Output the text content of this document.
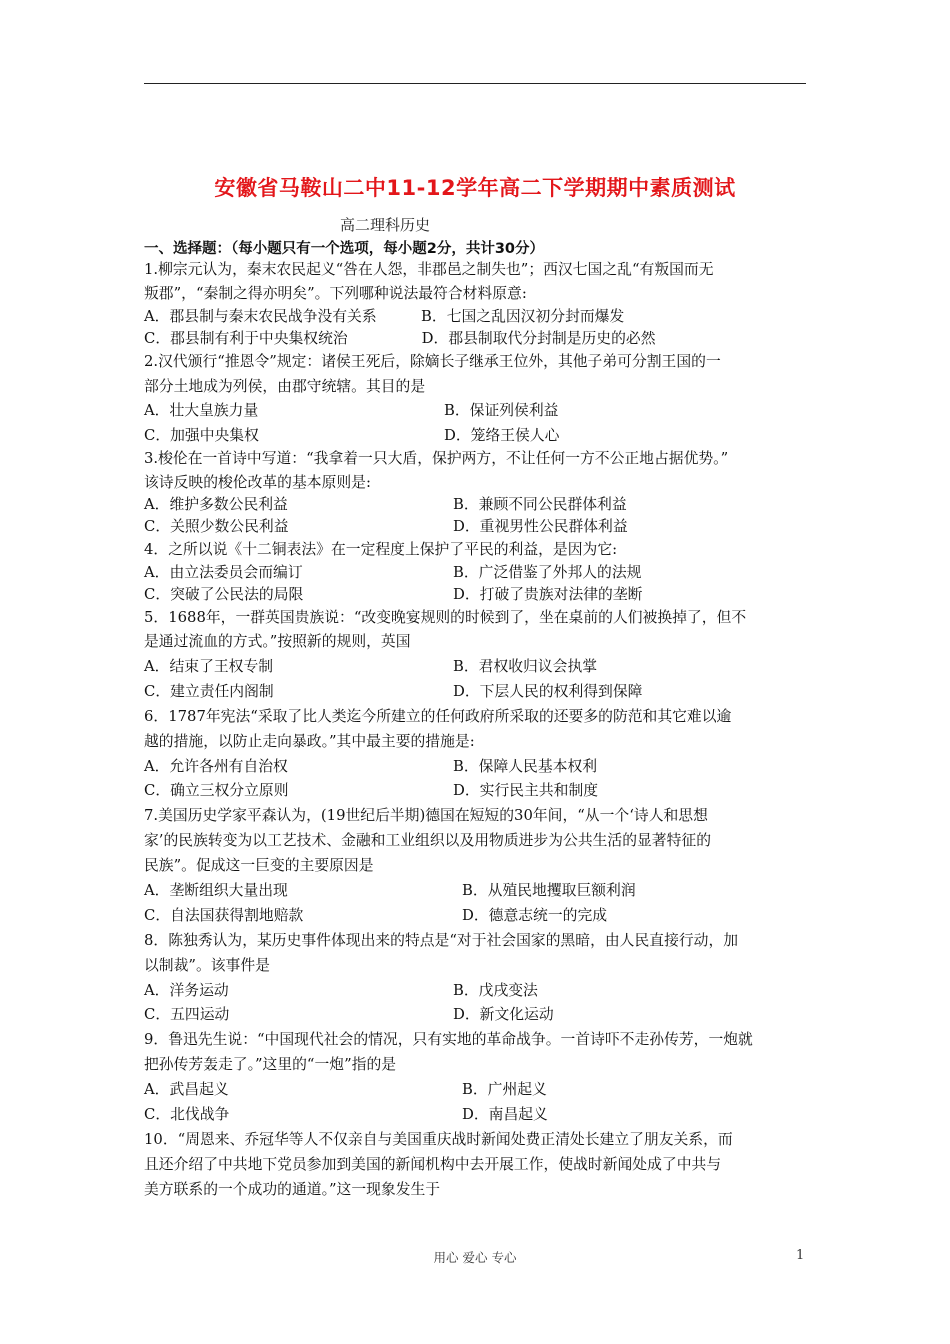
安徽省马鞍山二中11-12学年高二下学期期中素质测试
高二理科历史
一、选择题：（每小题只有一个选项，每小题2分，共计30分）
1.柳宗元认为，秦末农民起义“咎在人怨，非郡邑之制失也”；西汉七国之乱“有叛国而无
叛郡”，“秦制之得亦明矣”。下列哪种说法最符合材料原意:
A．郡县制与秦末农民战争没有关系　　　B．七国之乱因汉初分封而爆发
C．郡县制有利于中央集权统治　　　　　D．郡县制取代分封制是历史的必然
2.汉代颁行“推恩令”规定：诸侯王死后，除嫡长子继承王位外，其他子弟可分割王国的一
部分土地成为列侯，由郡守统辖。其目的是
A．壮大皇族力量	B．保证列侯利益
C．加强中央集权	D．笼络王侯人心
3.梭伦在一首诗中写道：“我拿着一只大盾，保护两方，不让任何一方不公正地占据优势。”
该诗反映的梭伦改革的基本原则是:
A．维护多数公民利益	B．兼顾不同公民群体利益
C．关照少数公民利益	D．重视男性公民群体利益
4．之所以说《十二铜表法》在一定程度上保护了平民的利益，是因为它:
A．由立法委员会而编订	B．广泛借鉴了外邦人的法规
C．突破了公民法的局限	D．打破了贵族对法律的垄断
5．1688年，一群英国贵族说：“改变晚宴规则的时候到了，坐在桌前的人们被换掉了，但不
是通过流血的方式。”按照新的规则，英国
A．结束了王权专制	B．君权收归议会执掌
C．建立责任内阁制	D．下层人民的权利得到保障
6．1787年宪法“采取了比人类迄今所建立的任何政府所采取的还要多的防范和其它难以逾
越的措施，以防止走向暴政。”其中最主要的措施是:
A．允许各州有自治权	B．保障人民基本权利
C．确立三权分立原则	D．实行民主共和制度
7.美国历史学家平森认为，(19世纪后半期)德国在短短的30年间，“从一个‘诗人和思想
家’的民族转变为以工艺技术、金融和工业组织以及用物质进步为公共生活的显著特征的
民族”。促成这一巨变的主要原因是
A．垄断组织大量出现	B．从殖民地攫取巨额利润
C．自法国获得割地赔款	D．德意志统一的完成
8．陈独秀认为，某历史事件体现出来的特点是“对于社会国家的黑暗，由人民直接行动，加
以制裁”。该事件是
A．洋务运动	B．戊戌变法
C．五四运动	D．新文化运动
9．鲁迅先生说：“中国现代社会的情况，只有实地的革命战争。一首诗吓不走孙传芳，一炮就
把孙传芳轰走了。”这里的“一炮”指的是
A．武昌起义	B．广州起义
C．北伐战争	D．南昌起义
10．“周恩来、乔冠华等人不仅亲自与美国重庆战时新闻处费正清处长建立了朋友关系，而
且还介绍了中共地下党员参加到美国的新闻机构中去开展工作，使战时新闻处成了中共与
美方联系的一个成功的通道。”这一现象发生于
用心 爱心 专心	1
